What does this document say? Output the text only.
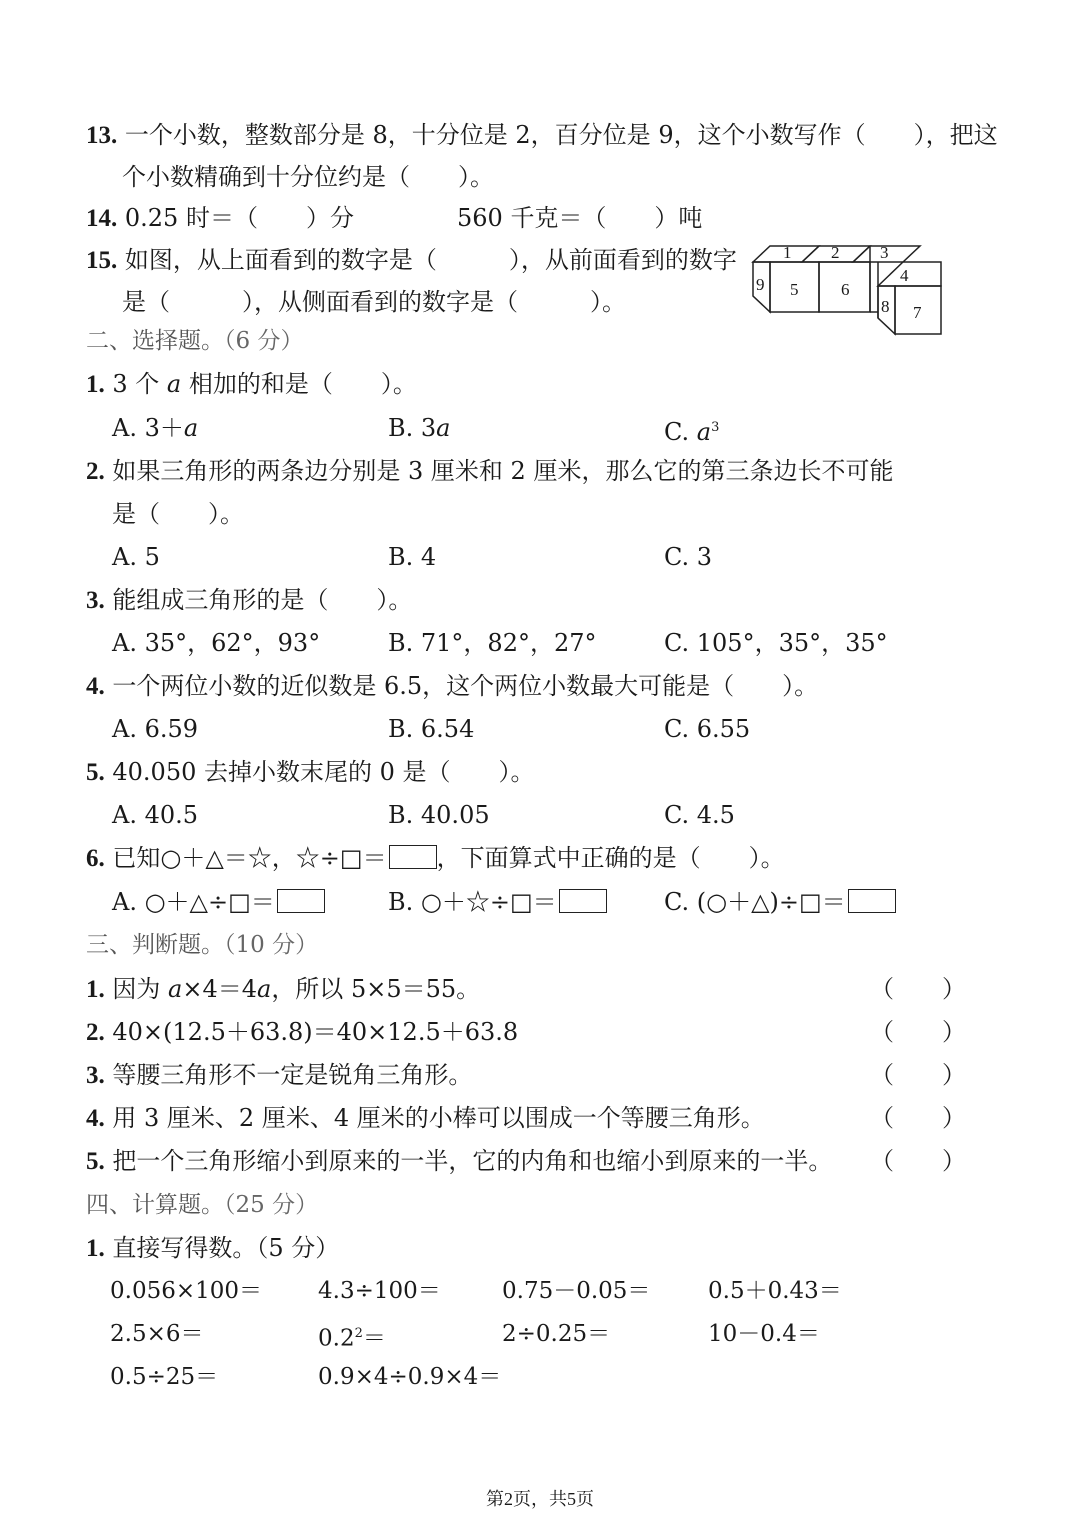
13. 一个小数，整数部分是 8，十分位是 2，百分位是 9，这个小数写作（　　），把这
个小数精确到十分位约是（　　）。
14. 0.25 时＝（　　）分	560 千克＝（　　）吨
15. 如图，从上面看到的数字是（　　　），从前面看到的数字
是（　　　），从侧面看到的数字是（　　　）。
1 2 3
4
5	6
7
9
8
二、选择题。（6 分）
1. 3 个 a 相加的和是（　　）。
A. 3＋a	B. 3a	C. $a^3$
2. 如果三角形的两条边分别是 3 厘米和 2 厘米，那么它的第三条边长不可能
是（　　）。
A. 5	B. 4	C. 3
3. 能组成三角形的是（　　）。
A. 35°，62°，93°	B. 71°，82°，27°	C. 105°，35°，35°
4. 一个两位小数的近似数是 6.5，这个两位小数最大可能是（　　）。
A. 6.59	B. 6.54	C. 6.55
5. 40.050 去掉小数末尾的 0 是（　　）。
A. 40.5	B. 40.05	C. 4.5
6. 已知○＋△＝☆，☆÷□＝ ，下面算式中正确的是（　　）。
A. ○＋△÷□＝	B. ○＋☆÷□＝	C. (○＋△)÷□＝
三、判断题。（10 分）
1. 因为 a×4＝4a，所以 5×5＝55。	（　　）
2. 40×(12.5＋63.8)＝40×12.5＋63.8	（　　）
3. 等腰三角形不一定是锐角三角形。	（　　）
4. 用 3 厘米、2 厘米、4 厘米的小棒可以围成一个等腰三角形。	（　　）
5. 把一个三角形缩小到原来的一半，它的内角和也缩小到原来的一半。 （　　）
四、计算题。（25 分）
1. 直接写得数。（5 分）
0.056×100＝ 4.3÷100＝	0.75－0.05＝	0.5＋0.43＝
2.5×6＝	$0.2^2=$	2÷0.25＝	10－0.4＝
0.5÷25＝	0.9×4÷0.9×4＝
第2页，共5页
